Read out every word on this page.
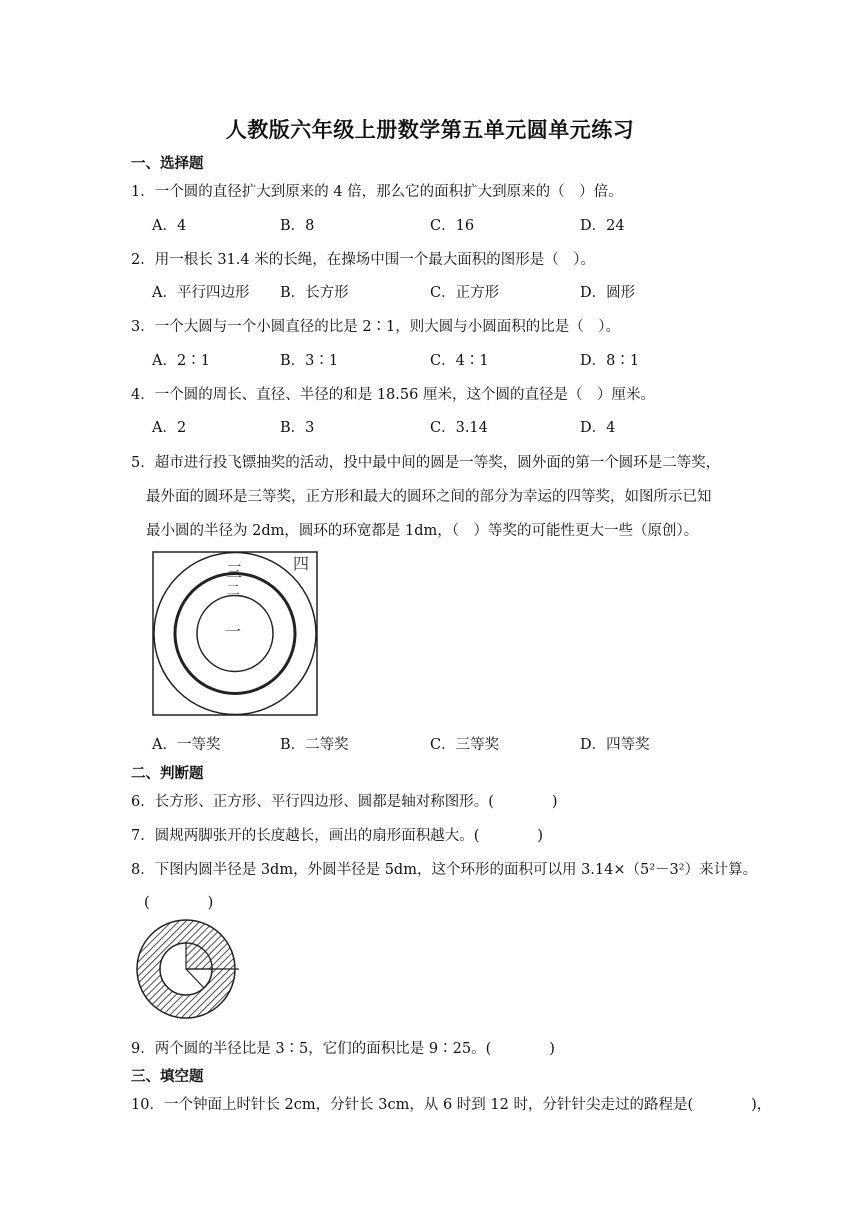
人教版六年级上册数学第五单元圆单元练习
一、选择题
1．一个圆的直径扩大到原来的 4 倍，那么它的面积扩大到原来的（　）倍。
A．4	B．8	C．16	D．24
2．用一根长 31.4 米的长绳，在操场中围一个最大面积的图形是（　）。
A．平行四边形 B．长方形	C．正方形	D．圆形
3．一个大圆与一个小圆直径的比是 2∶1，则大圆与小圆面积的比是（　）。
A．2∶1	B．3∶1	C．4∶1	D．8∶1
4．一个圆的周长、直径、半径的和是 18.56 厘米，这个圆的直径是（　）厘米。
A．2	B．3	C．3.14	D．4
5．超市进行投飞镖抽奖的活动，投中最中间的圆是一等奖，圆外面的第一个圆环是二等奖，
最外面的圆环是三等奖，正方形和最大的圆环之间的部分为幸运的四等奖，如图所示已知
最小圆的半径为 2dm，圆环的环宽都是 1dm，（　）等奖的可能性更大一些（原创）。
三	四
二
一
A．一等奖	B．二等奖	C．三等奖	D．四等奖
二、判断题
6．长方形、正方形、平行四边形、圆都是轴对称图形。(　　　　)
7．圆规两脚张开的长度越长，画出的扇形面积越大。(　　　　)
8．下图内圆半径是 3dm，外圆半径是 5dm，这个环形的面积可以用 3.14×（5²－3²）来计算。
(　　　　)
9．两个圆的半径比是 3∶5，它们的面积比是 9∶25。(　　　　)
三、填空题
10．一个钟面上时针长 2cm，分针长 3cm，从 6 时到 12 时，分针针尖走过的路程是(　　　　)，
